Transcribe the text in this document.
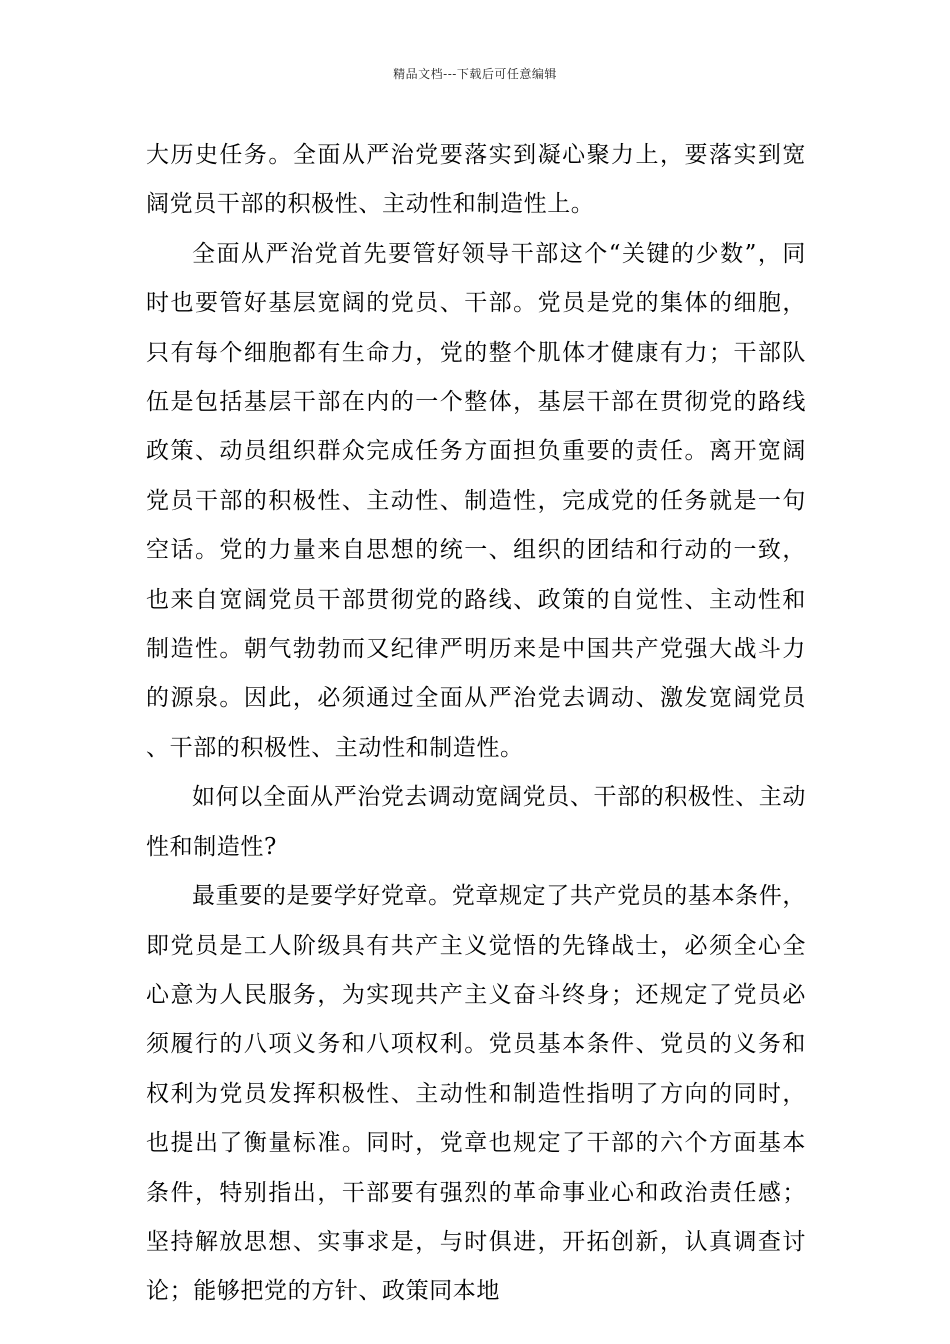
精品文档---下载后可任意编辑

大历史任务。全面从严治党要落实到凝心聚力上，要落实到宽阔党员干部的积极性、主动性和制造性上。

全面从严治党首先要管好领导干部这个“关键的少数”，同时也要管好基层宽阔的党员、干部。党员是党的集体的细胞，只有每个细胞都有生命力，党的整个肌体才健康有力；干部队伍是包括基层干部在内的一个整体，基层干部在贯彻党的路线政策、动员组织群众完成任务方面担负重要的责任。离开宽阔党员干部的积极性、主动性、制造性，完成党的任务就是一句空话。党的力量来自思想的统一、组织的团结和行动的一致，也来自宽阔党员干部贯彻党的路线、政策的自觉性、主动性和制造性。朝气勃勃而又纪律严明历来是中国共产党强大战斗力的源泉。因此，必须通过全面从严治党去调动、激发宽阔党员、干部的积极性、主动性和制造性。

如何以全面从严治党去调动宽阔党员、干部的积极性、主动性和制造性?

最重要的是要学好党章。党章规定了共产党员的基本条件，即党员是工人阶级具有共产主义觉悟的先锋战士，必须全心全心意为人民服务，为实现共产主义奋斗终身；还规定了党员必须履行的八项义务和八项权利。党员基本条件、党员的义务和权利为党员发挥积极性、主动性和制造性指明了方向的同时，也提出了衡量标准。同时，党章也规定了干部的六个方面基本条件，特别指出，干部要有强烈的革命事业心和政治责任感；坚持解放思想、实事求是，与时俱进，开拓创新，认真调查讨论；能够把党的方针、政策同本地
